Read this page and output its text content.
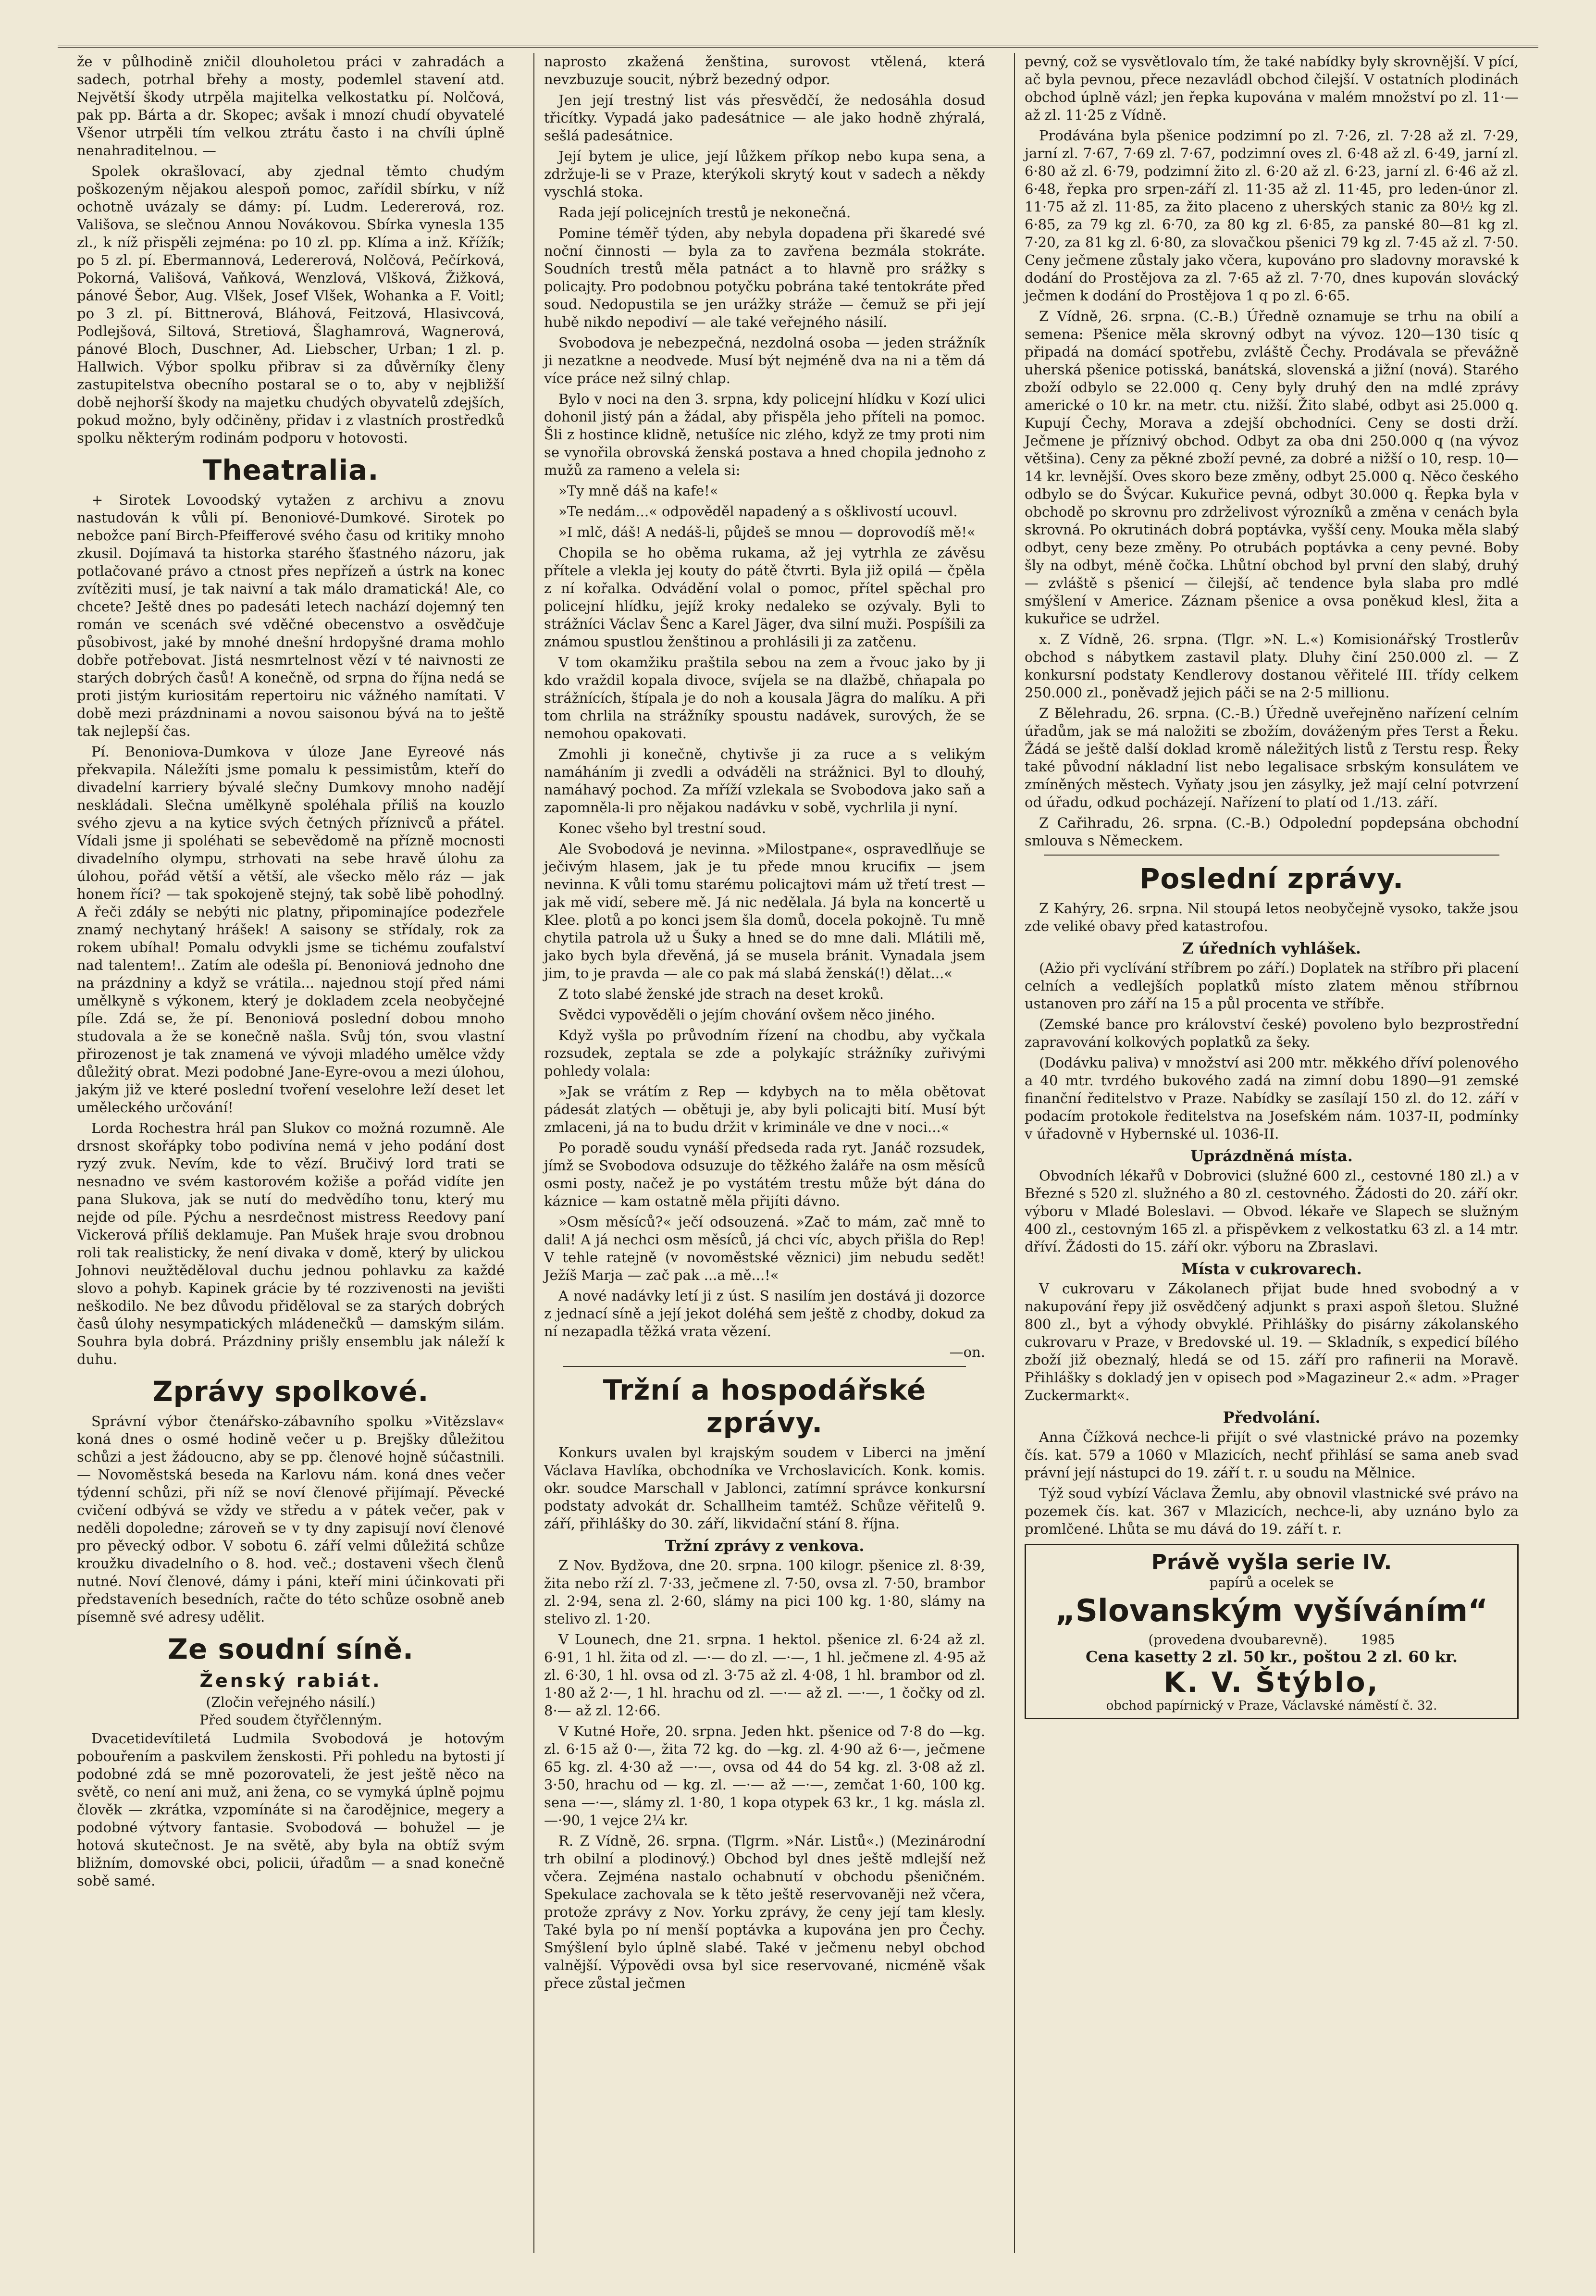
že v půlhodině zničil dlouholetou práci v zahradách a sadech, potrhal břehy a mosty, podemlel stavení atd. Největší škody utrpěla majitelka velkostatku pí. Nolčová, pak pp. Bárta a dr. Skopec; avšak i mnozí chudí obyvatelé Všenor utrpěli tím velkou ztrátu často i na chvíli úplně nenahraditelnou. —

Spolek okrašlovací, aby zjednal těmto chudým poškozeným nějakou alespoň pomoc, zařídil sbírku, v níž ochotně uvázaly se dámy: pí. Ludm. Ledererová, roz. Vališova, se slečnou Annou Novákovou. Sbírka vynesla 135 zl., k níž přispěli zejména: po 10 zl. pp. Klíma a inž. Křížík; po 5 zl. pí. Ebermannová, Ledererová, Nolčová, Pečírková, Pokorná, Vališová, Vaňková, Wenzlová, Vlšková, Žižková, pánové Šebor, Aug. Vlšek, Josef Vlšek, Wohanka a F. Voitl; po 3 zl. pí. Bittnerová, Bláhová, Feitzová, Hlasivcová, Podlejšová, Siltová, Stretiová, Šlaghamrová, Wagnerová, pánové Bloch, Duschner, Ad. Liebscher, Urban; 1 zl. p. Hallwich. Výbor spolku přibrav si za důvěrníky členy zastupitelstva obecního postaral se o to, aby v nejbližší době nejhorší škody na majetku chudých obyvatelů zdejších, pokud možno, byly odčiněny, přidav i z vlastních prostředků spolku některým rodinám podporu v hotovosti.

Theatralia.

+ Sirotek Lovoodský vytažen z archivu a znovu nastudován k vůli pí. Benoniové-Dumkové. Sirotek po nebožce paní Birch-Pfeifferové svého času od kritiky mnoho zkusil. Dojímavá ta historka starého šťastného názoru, jak potlačované právo a ctnost přes nepřízeň a ústrk na konec zvítěziti musí, je tak naivní a tak málo dramatická! Ale, co chcete? Ještě dnes po padesáti letech nachází dojemný ten román ve scenách své vděčné obecenstvo a osvědčuje působivost, jaké by mnohé dnešní hrdopyšné drama mohlo dobře potřebovat. Jistá nesmrtelnost vězí v té naivnosti ze starých dobrých časů! A konečně, od srpna do října nedá se proti jistým kuriositám repertoiru nic vážného namítati. V době mezi prázdninami a novou saisonou bývá na to ještě tak nejlepší čas.

Pí. Benoniova-Dumkova v úloze Jane Eyreové nás překvapila. Náležíti jsme pomalu k pessimistům, kteří do divadelní karriery bývalé slečny Dumkovy mnoho nadějí neskládali. Slečna umělkyně spoléhala příliš na kouzlo svého zjevu a na kytice svých četných příznivců a přátel. Vídali jsme ji spoléhati se sebevědomě na přízně mocnosti divadelního olympu, strhovati na sebe hravě úlohu za úlohou, pořád větší a větší, ale všecko mělo ráz — jak honem říci? — tak spokojeně stejný, tak sobě libě pohodlný. A řeči zdály se nebýti nic platny, připominajíce podezřele znamý nechytaný hrášek! A saisony se střídaly, rok za rokem ubíhal! Pomalu odvykli jsme se tichému zoufalství nad talentem!.. Zatím ale odešla pí. Benoniová jednoho dne na prázdniny a když se vrátila... najednou stojí před námi umělkyně s výkonem, který je dokladem zcela neobyčejné píle. Zdá se, že pí. Benoniová poslední dobou mnoho studovala a že se konečně našla. Svůj tón, svou vlastní přirozenost je tak znamená ve vývoji mladého umělce vždy důležitý obrat. Mezi podobné Jane-Eyre-ovou a mezi úlohou, jakým již ve které poslední tvoření veselohre leží deset let uměleckého určování!

Lorda Rochestra hrál pan Slukov co možná rozumně. Ale drsnost skořápky tobo podivína nemá v jeho podání dost ryzý zvuk. Nevím, kde to vězí. Bručivý lord trati se nesnadno ve svém kastorovém kožiše a pořád vidíte jen pana Slukova, jak se nutí do medvědího tonu, který mu nejde od píle. Pýchu a nesrdečnost mistress Reedovy paní Vickerová příliš deklamuje. Pan Mušek hraje svou drobnou roli tak realisticky, že není divaka v domě, který by ulickou Johnovi neužtěděloval duchu jednou pohlavku za každé slovo a pohyb. Kapinek grácie by té rozzivenosti na jevišti neškodilo. Ne bez důvodu přiděloval se za starých dobrých časů úlohy nesympatických mládenečků — damským silám. Souhra byla dobrá. Prázdniny prišly ensemblu jak náleží k duhu.

Zprávy spolkové.

Správní výbor čtenářsko-zábavního spolku »Vitězslav« koná dnes o osmé hodině večer u p. Brejšky důležitou schůzi a jest žádoucno, aby se pp. členové hojně súčastnili. — Novoměstská beseda na Karlovu nám. koná dnes večer týdenní schůzi, při níž se noví členové přijímají. Pěvecké cvičení odbývá se vždy ve středu a v pátek večer, pak v neděli dopoledne; zároveň se v ty dny zapisují noví členové pro pěvecký odbor. V sobotu 6. září velmi důležitá schůze kroužku divadelního o 8. hod. več.; dostaveni všech členů nutné. Noví členové, dámy i páni, kteří mini účinkovati při představeních besedních, račte do této schůze osobně aneb písemně své adresy udělit.

Ze soudní síně.
Ženský rabiát.
(Zločin veřejného násilí.)
Před soudem čtyřčlenným.

Dvacetidevítiletá Ludmila Svobodová je hotovým pobouřením a paskvilem ženskosti. Při pohledu na bytosti jí podobné zdá se mně pozorovateli, že jest ještě něco na světě, co není ani muž, ani žena, co se vymyká úplně pojmu člověk — zkrátka, vzpomínáte si na čarodějnice, megery a podobné výtvory fantasie. Svobodová — bohužel — je hotová skutečnost. Je na světě, aby byla na obtíž svým bližním, domovské obci, policii, úřadům — a snad konečně sobě samé.

naprosto zkažená ženština, surovost vtělená, která nevzbuzuje soucit, nýbrž bezedný odpor.

Jen její trestný list vás přesvědčí, že nedosáhla dosud třicítky. Vypadá jako padesátnice — ale jako hodně zhýralá, sešlá padesátnice.

Její bytem je ulice, její lůžkem příkop nebo kupa sena, a zdržuje-li se v Praze, kterýkoli skrytý kout v sadech a někdy vyschlá stoka.

Rada její policejních trestů je nekonečná.

Pomine téměř týden, aby nebyla dopadena při škaredé své noční činnosti — byla za to zavřena bezmála stokráte. Soudních trestů měla patnáct a to hlavně pro srážky s policajty. Pro podobnou potyčku pobrána také tentokráte před soud. Nedopustila se jen urážky stráže — čemuž se při její hubě nikdo nepodiví — ale také veřejného násilí.

Svobodova je nebezpečná, nezdolná osoba — jeden strážník ji nezatkne a neodvede. Musí být nejméně dva na ni a těm dá více práce než silný chlap.

Bylo v noci na den 3. srpna, kdy policejní hlídku v Kozí ulici dohonil jistý pán a žádal, aby přispěla jeho příteli na pomoc. Šli z hostince klidně, netušíce nic zlého, když ze tmy proti nim se vynořila obrovská ženská postava a hned chopila jednoho z mužů za rameno a velela si:

»Ty mně dáš na kafe!«

»Te nedám...« odpověděl napadený a s ošklivostí ucouvl.

»I mlč, dáš! A nedáš-li, půjdeš se mnou — doprovodíš mě!«

Chopila se ho oběma rukama, až jej vytrhla ze závěsu přítele a vlekla jej kouty do pátě čtvrti. Byla již opilá — čpěla z ní kořalka. Odvádění volal o pomoc, přítel spěchal pro policejní hlídku, jejíž kroky nedaleko se ozývaly. Byli to strážníci Václav Šenc a Karel Jäger, dva silní muži. Pospíšili za známou spustlou ženštinou a prohlásili ji za zatčenu.

V tom okamžiku praštila sebou na zem a řvouc jako by ji kdo vraždil kopala divoce, svíjela se na dlažbě, chňapala po strážnících, štípala je do noh a kousala Jägra do malíku. A při tom chrlila na strážníky spoustu nadávek, surových, že se nemohou opakovati.

Zmohli ji konečně, chytivše ji za ruce a s velikým namáháním ji zvedli a odváděli na strážnici. Byl to dlouhý, namáhavý pochod. Za mříží vzlekala se Svobodova jako saň a zapomněla-li pro nějakou nadávku v sobě, vychrlila ji nyní.

Konec všeho byl trestní soud.

Ale Svobodová je nevinna. »Milostpane«, ospravedlňuje se ječivým hlasem, jak je tu přede mnou krucifix — jsem nevinna. K vůli tomu starému policajtovi mám už třetí trest — jak mě vidí, sebere mě. Já nic nedělala. Já byla na koncertě u Klee. plotů a po konci jsem šla domů, docela pokojně. Tu mně chytila patrola už u Šuky a hned se do mne dali. Mlátili mě, jako bych byla dřevěná, já se musela bránit. Vynadala jsem jim, to je pravda — ale co pak má slabá ženská(!) dělat...«

Z toto slabé ženské jde strach na deset kroků.

Svědci vypověděli o jejím chování ovšem něco jiného.

Když vyšla po průvodním řízení na chodbu, aby vyčkala rozsudek, zeptala se zde a polykajíc strážníky zuřivými pohledy volala:

»Jak se vrátím z Rep — kdybych na to měla obětovat pádesát zlatých — obětuji je, aby byli policajti bití. Musí být zmlaceni, já na to budu držit v kriminále ve dne v noci...«

Po poradě soudu vynáší předseda rada ryt. Janáč rozsudek, jímž se Svobodova odsuzuje do těžkého žaláře na osm měsíců osmi posty, načež je po vystátém trestu může být dána do káznice — kam ostatně měla přijíti dávno.

»Osm měsíců?« ječí odsouzená. »Zač to mám, zač mně to dali! A já nechci osm měsíců, já chci víc, abych přišla do Rep! V tehle ratejně (v novoměstské věznici) jim nebudu sedět! Ježíš Marja — zač pak ...a mě...!«

A nové nadávky letí ji z úst. S nasilím jen dostává ji dozorce z jednací síně a její jekot doléhá sem ještě z chodby, dokud za ní nezapadla těžká vrata vězení.

—on.

Tržní a hospodářské zprávy.

Konkurs uvalen byl krajským soudem v Liberci na jmění Václava Havlíka, obchodníka ve Vrchoslavicích. Konk. komis. okr. soudce Marschall v Jablonci, zatímní správce konkursní podstaty advokát dr. Schallheim tamtéž. Schůze věřitelů 9. září, přihlášky do 30. září, likvidační stání 8. října.

Tržní zprávy z venkova.

Z Nov. Bydžova, dne 20. srpna. 100 kilogr. pšenice zl. 8·39, žita nebo rží zl. 7·33, ječmene zl. 7·50, ovsa zl. 7·50, brambor zl. 2·94, sena zl. 2·60, slámy na pici 100 kg. 1·80, slámy na stelivo zl. 1·20.

V Lounech, dne 21. srpna. 1 hektol. pšenice zl. 6·24 až zl. 6·91, 1 hl. žita od zl. —·— do zl. —·—, 1 hl. ječmene zl. 4·95 až zl. 6·30, 1 hl. ovsa od zl. 3·75 až zl. 4·08, 1 hl. brambor od zl. 1·80 až 2·—, 1 hl. hrachu od zl. —·— až zl. —·—, 1 čočky od zl. 8·— až zl. 12·66.

V Kutné Hoře, 20. srpna. Jeden hkt. pšenice od 7·8 do —kg. zl. 6·15 až 0·—, žita 72 kg. do —kg. zl. 4·90 až 6·—, ječmene 65 kg. zl. 4·30 až —·—, ovsa od 44 do 54 kg. zl. 3·08 až zl. 3·50, hrachu od — kg. zl. —·— až —·—, zemčat 1·60, 100 kg. sena —·—, slámy zl. 1·80, 1 kopa otypek 63 kr., 1 kg. másla zl. —·90, 1 vejce 2¼ kr.

R. Z Vídně, 26. srpna. (Tlgrm. »Nár. Listů«.) (Mezinárodní trh obilní a plodinový.) Obchod byl dnes ještě mdlejší než včera. Zejména nastalo ochabnutí v obchodu pšeničném. Spekulace zachovala se k těto ještě reservovaněji než včera, protože zprávy z Nov. Yorku zprávy, že ceny její tam klesly. Také byla po ní menší poptávka a kupována jen pro Čechy. Smýšlení bylo úplně slabé. Také v ječmenu nebyl obchod valnější. Výpovědi ovsa byl sice reservované, nicméně však přece zůstal ječmen

pevný, což se vysvětlovalo tím, že také nabídky byly skrovnější. V pící, ač byla pevnou, přece nezavládl obchod čilejší. V ostatních plodinách obchod úplně vázl; jen řepka kupována v malém množství po zl. 11·— až zl. 11·25 z Vídně.

Prodávána byla pšenice podzimní po zl. 7·26, zl. 7·28 až zl. 7·29, jarní zl. 7·67, 7·69 zl. 7·67, podzimní oves zl. 6·48 až zl. 6·49, jarní zl. 6·80 až zl. 6·79, podzimní žito zl. 6·20 až zl. 6·23, jarní zl. 6·46 až zl. 6·48, řepka pro srpen-září zl. 11·35 až zl. 11·45, pro leden-únor zl. 11·75 až zl. 11·85, za žito placeno z uherských stanic za 80½ kg zl. 6·85, za 79 kg zl. 6·70, za 80 kg zl. 6·85, za panské 80—81 kg zl. 7·20, za 81 kg zl. 6·80, za slovačkou pšenici 79 kg zl. 7·45 až zl. 7·50. Ceny ječmene zůstaly jako včera, kupováno pro sladovny moravské k dodání do Prostějova za zl. 7·65 až zl. 7·70, dnes kupován slovácký ječmen k dodání do Prostějova 1 q po zl. 6·65.

Z Vídně, 26. srpna. (C.-B.) Úředně oznamuje se trhu na obilí a semena: Pšenice měla skrovný odbyt na vývoz. 120—130 tisíc q připadá na domácí spotřebu, zvláště Čechy. Prodávala se převážně uherská pšenice potisská, banátská, slovenská a jižní (nová). Starého zboží odbylo se 22.000 q. Ceny byly druhý den na mdlé zprávy americké o 10 kr. na metr. ctu. nižší. Žito slabé, odbyt asi 25.000 q. Kupují Čechy, Morava a zdejší obchodníci. Ceny se dosti drží. Ječmene je příznivý obchod. Odbyt za oba dni 250.000 q (na vývoz většina). Ceny za pěkné zboží pevné, za dobré a nižší o 10, resp. 10—14 kr. levnější. Oves skoro beze změny, odbyt 25.000 q. Něco českého odbylo se do Švýcar. Kukuřice pevná, odbyt 30.000 q. Řepka byla v obchodě po skrovnu pro zdrželivost výrozníků a změna v cenách byla skrovná. Po okrutinách dobrá poptávka, vyšší ceny. Mouka měla slabý odbyt, ceny beze změny. Po otrubách poptávka a ceny pevné. Boby šly na odbyt, méně čočka. Lhůtní obchod byl první den slabý, druhý — zvláště s pšenicí — čilejší, ač tendence byla slaba pro mdlé smýšlení v Americe. Záznam pšenice a ovsa poněkud klesl, žita a kukuřice se udržel.

x. Z Vídně, 26. srpna. (Tlgr. »N. L.«) Komisionářský Trostlerův obchod s nábytkem zastavil platy. Dluhy činí 250.000 zl. — Z konkursní podstaty Kendlerovy dostanou věřitelé III. třídy celkem 250.000 zl., poněvadž jejich páči se na 2·5 millionu.

Z Bělehradu, 26. srpna. (C.-B.) Úředně uveřejněno nařízení celním úřadům, jak se má naložiti se zbožím, dováženým přes Terst a Řeku. Žádá se ještě další doklad kromě náležitých listů z Terstu resp. Řeky také původní nákladní list nebo legalisace srbským konsulátem ve zmíněných městech. Vyňaty jsou jen zásylky, jež mají celní potvrzení od úřadu, odkud pocházejí. Nařízení to platí od 1./13. září.

Z Cařihradu, 26. srpna. (C.-B.) Odpolední popdepsána obchodní smlouva s Německem.

Poslední zprávy.

Z Kahýry, 26. srpna. Nil stoupá letos neobyčejně vysoko, takže jsou zde veliké obavy před katastrofou.

Z úředních vyhlášek.

(Ažio při vyclívání stříbrem po září.) Doplatek na stříbro při placení celních a vedlejších poplatků místo zlatem měnou stříbrnou ustanoven pro září na 15 a půl procenta ve stříbře.

(Zemské bance pro království české) povoleno bylo bezprostřední zapravování kolkových poplatků za šeky.

(Dodávku paliva) v množství asi 200 mtr. měkkého dříví polenového a 40 mtr. tvrdého bukového zadá na zimní dobu 1890—91 zemské finanční ředitelstvo v Praze. Nabídky se zasílají 150 zl. do 12. září v podacím protokole ředitelstva na Josefském nám. 1037-II, podmínky v úřadovně v Hybernské ul. 1036-II.

Uprázdněná místa.

Obvodních lékařů v Dobrovici (služné 600 zl., cestovné 180 zl.) a v Březné s 520 zl. služného a 80 zl. cestovného. Žádosti do 20. září okr. výboru v Mladé Boleslavi. — Obvod. lékaře ve Slapech se služným 400 zl., cestovným 165 zl. a přispěvkem z velkostatku 63 zl. a 14 mtr. dříví. Žádosti do 15. září okr. výboru na Zbraslavi.

Místa v cukrovarech.

V cukrovaru v Zákolanech přijat bude hned svobodný a v nakupování řepy již osvědčený adjunkt s praxi aspoň šletou. Služné 800 zl., byt a výhody obvyklé. Přihlášky do pisárny zákolanského cukrovaru v Praze, v Bredovské ul. 19. — Skladník, s expedicí bílého zboží již obeznalý, hledá se od 15. září pro rafinerii na Moravě. Přihlášky s dokladý jen v opisech pod »Magazineur 2.« adm. »Prager Zuckermarkt«.

Předvolání.

Anna Čížková nechce-li přijít o své vlastnické právo na pozemky čís. kat. 579 a 1060 v Mlazicích, nechť přihlásí se sama aneb svad právní její nástupci do 19. září t. r. u soudu na Mělnice.

Týž soud vybízí Václava Žemlu, aby obnovil vlastnické své právo na pozemek čís. kat. 367 v Mlazicích, nechce-li, aby uznáno bylo za promlčené. Lhůta se mu dává do 19. září t. r.

Právě vyšla serie IV.
papírů a ocelek se
„Slovanským vyšíváním“
(provedena dvoubarevně). 1985
Cena kasetty 2 zl. 50 kr., poštou 2 zl. 60 kr.
K. V. Štýblo,
obchod papírnický v Praze, Václavské náměstí č. 32.
